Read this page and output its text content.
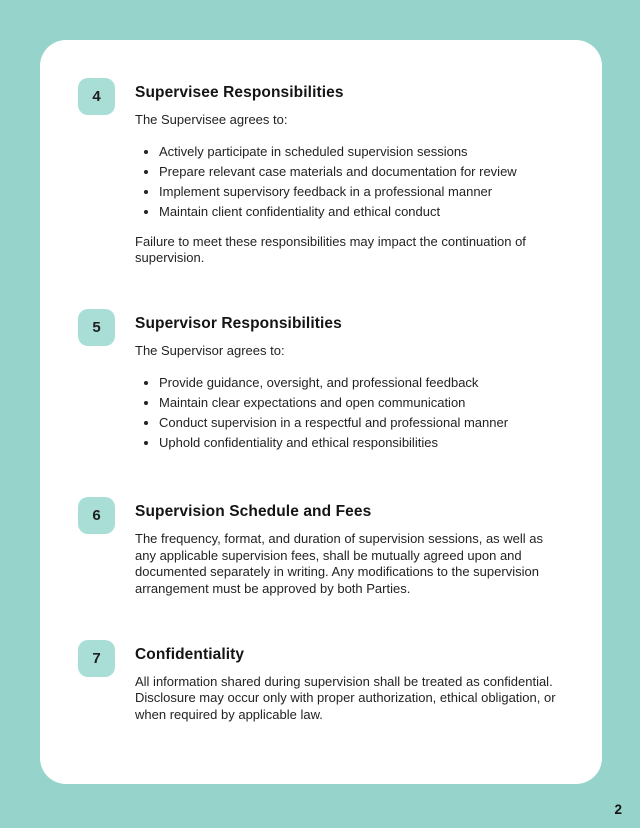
4	Supervisee Responsibilities

The Supervisee agrees to:

• Actively participate in scheduled supervision sessions
• Prepare relevant case materials and documentation for review
• Implement supervisory feedback in a professional manner
• Maintain client confidentiality and ethical conduct

Failure to meet these responsibilities may impact the continuation of supervision.

5	Supervisor Responsibilities

The Supervisor agrees to:

• Provide guidance, oversight, and professional feedback
• Maintain clear expectations and open communication
• Conduct supervision in a respectful and professional manner
• Uphold confidentiality and ethical responsibilities
6	Supervision Schedule and Fees

The frequency, format, and duration of supervision sessions, as well as any applicable supervision fees, shall be mutually agreed upon and documented separately in writing. Any modifications to the supervision arrangement must be approved by both Parties.

7	Confidentiality

All information shared during supervision shall be treated as confidential. Disclosure may occur only with proper authorization, ethical obligation, or when required by applicable law.

2
